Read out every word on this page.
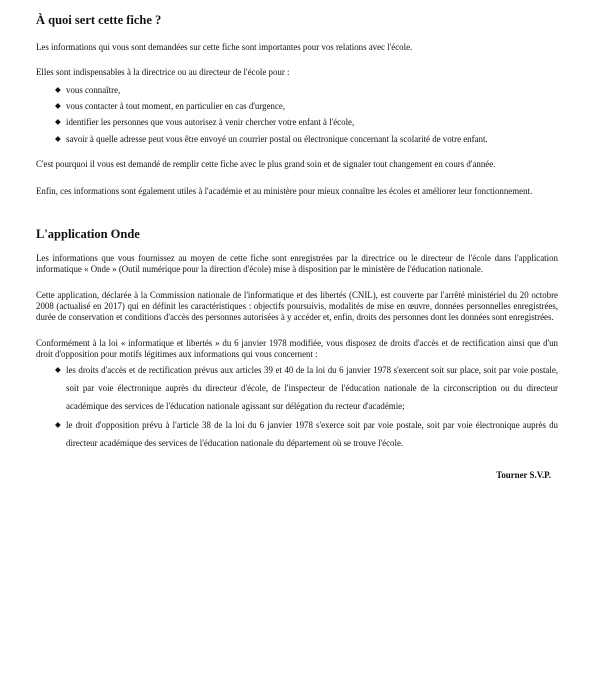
À quoi sert cette fiche ?

Les informations qui vous sont demandées sur cette fiche sont importantes pour vos relations avec l'école.

Elles sont indispensables à la directrice ou au directeur de l'école pour :

◆ vous connaître,
◆ vous contacter à tout moment, en particulier en cas d'urgence,
◆ identifier les personnes que vous autorisez à venir chercher votre enfant à l'école,
◆ savoir à quelle adresse peut vous être envoyé un courrier postal ou électronique concernant la scolarité de votre enfant.

C'est pourquoi il vous est demandé de remplir cette fiche avec le plus grand soin et de signaler tout changement en cours d'année.

Enfin, ces informations sont également utiles à l'académie et au ministère pour mieux connaître les écoles et améliorer leur fonctionnement.

L'application Onde

Les informations que vous fournissez au moyen de cette fiche sont enregistrées par la directrice ou le directeur de l'école dans l'application informatique « Onde » (Outil numérique pour la direction d'école) mise à disposition par le ministère de l'éducation nationale.

Cette application, déclarée à la Commission nationale de l'informatique et des libertés (CNIL), est couverte par l'arrêté ministériel du 20 octobre 2008 (actualisé en 2017) qui en définit les caractéristiques : objectifs poursuivis, modalités de mise en œuvre, données personnelles enregistrées, durée de conservation et conditions d'accès des personnes autorisées à y accéder et, enfin, droits des personnes dont les données sont enregistrées.

Conformément à la loi « informatique et libertés » du 6 janvier 1978 modifiée, vous disposez de droits d'accès et de rectification ainsi que d'un droit d'opposition pour motifs légitimes aux informations qui vous concernent :

◆ les droits d'accès et de rectification prévus aux articles 39 et 40 de la loi du 6 janvier 1978 s'exercent soit sur place, soit par voie postale, soit par voie électronique auprès du directeur d'école, de l'inspecteur de l'éducation nationale de la circonscription ou du directeur académique des services de l'éducation nationale agissant sur délégation du recteur d'académie;
◆ le droit d'opposition prévu à l'article 38 de la loi du 6 janvier 1978 s'exerce soit par voie postale, soit par voie électronique auprès du directeur académique des services de l'éducation nationale du département où se trouve l'école.
Tourner S.V.P.
